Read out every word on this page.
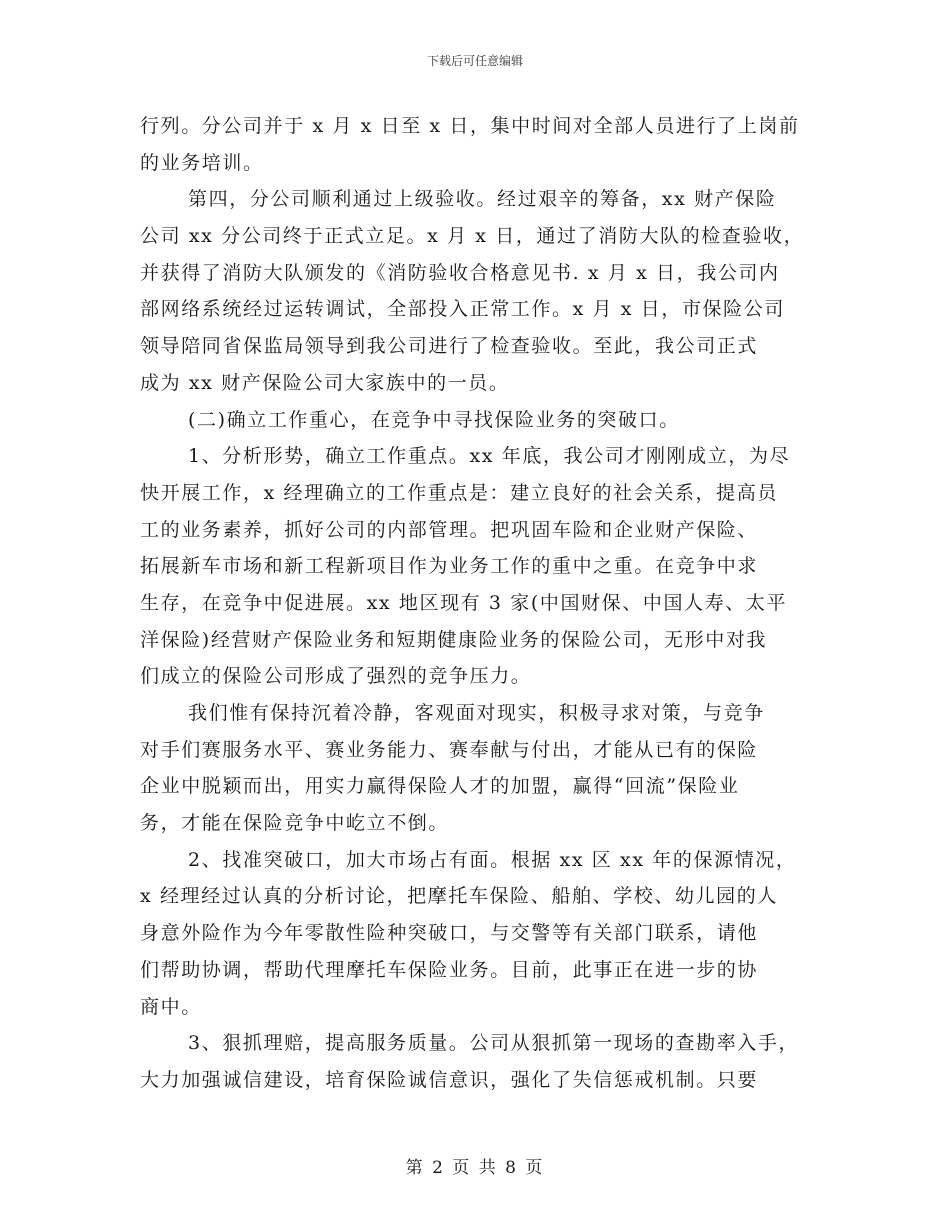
下载后可任意编辑
行列。分公司并于 x 月 x 日至 x 日，集中时间对全部人员进行了上岗前
的业务培训。
第四，分公司顺利通过上级验收。经过艰辛的筹备，xx 财产保险
公司 xx 分公司终于正式立足。x 月 x 日，通过了消防大队的检查验收，
并获得了消防大队颁发的《消防验收合格意见书. x 月 x 日，我公司内
部网络系统经过运转调试，全部投入正常工作。x 月 x 日，市保险公司
领导陪同省保监局领导到我公司进行了检查验收。至此，我公司正式
成为 xx 财产保险公司大家族中的一员。
(二)确立工作重心，在竞争中寻找保险业务的突破口。
1、分析形势，确立工作重点。xx 年底，我公司才刚刚成立，为尽
快开展工作，x 经理确立的工作重点是：建立良好的社会关系，提高员
工的业务素养，抓好公司的内部管理。把巩固车险和企业财产保险、
拓展新车市场和新工程新项目作为业务工作的重中之重。在竞争中求
生存，在竞争中促进展。xx 地区现有 3 家(中国财保、中国人寿、太平
洋保险)经营财产保险业务和短期健康险业务的保险公司，无形中对我
们成立的保险公司形成了强烈的竞争压力。
我们惟有保持沉着冷静，客观面对现实，积极寻求对策，与竞争
对手们赛服务水平、赛业务能力、赛奉献与付出，才能从已有的保险
企业中脱颖而出，用实力赢得保险人才的加盟，赢得“回流”保险业
务，才能在保险竞争中屹立不倒。
2、找准突破口，加大市场占有面。根据 xx 区 xx 年的保源情况，
x 经理经过认真的分析讨论，把摩托车保险、船舶、学校、幼儿园的人
身意外险作为今年零散性险种突破口，与交警等有关部门联系，请他
们帮助协调，帮助代理摩托车保险业务。目前，此事正在进一步的协
商中。
3、狠抓理赔，提高服务质量。公司从狠抓第一现场的查勘率入手，
大力加强诚信建设，培育保险诚信意识，强化了失信惩戒机制。只要
第 2 页 共 8 页
